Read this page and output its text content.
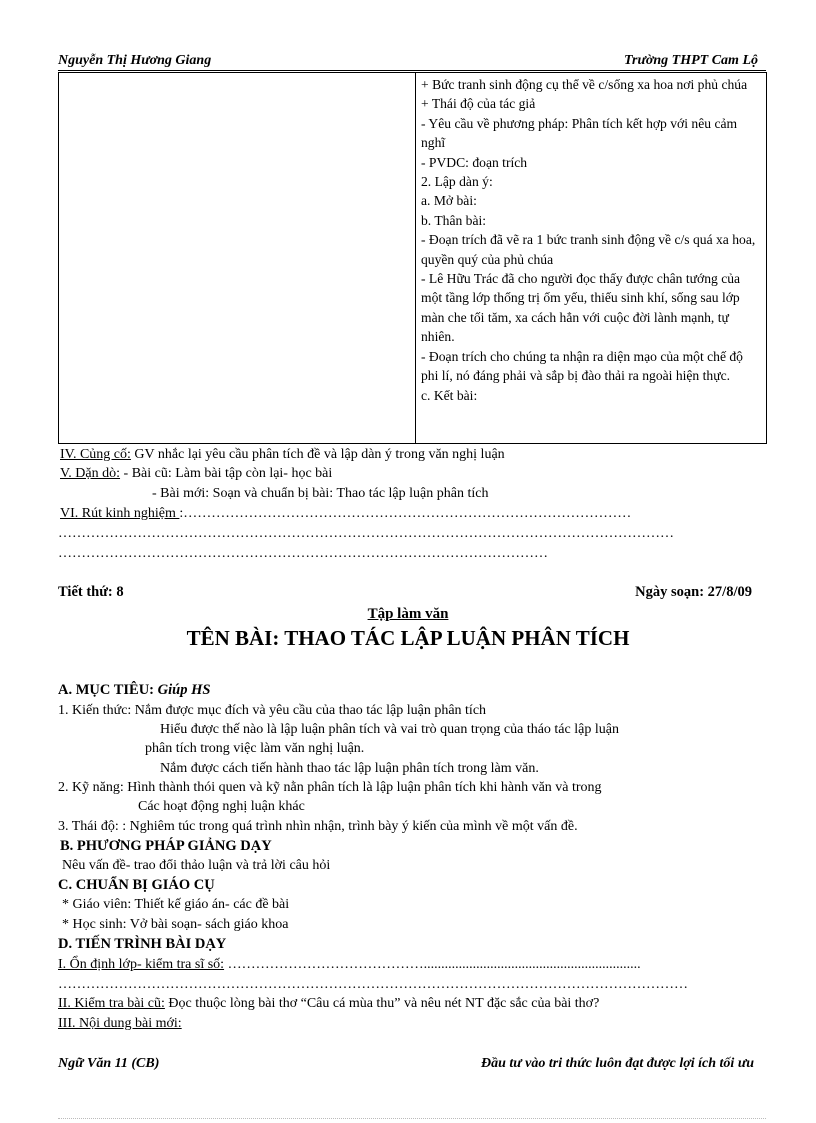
Nguyễn Thị Hương Giang	Trường THPT Cam Lộ

+ Bức tranh sinh động cụ thể về c/sống xa hoa nơi phủ chúa
+ Thái độ của tác giả
- Yêu cầu về phương pháp: Phân tích kết hợp với nêu cảm nghĩ
- PVDC: đoạn trích
2. Lập dàn ý:
a. Mở bài:
b. Thân bài:
- Đoạn trích đã vẽ ra 1 bức tranh sinh động về c/s quá xa hoa, quyền quý của phủ chúa
- Lê Hữu Trác đã cho người đọc thấy được chân tướng của một tầng lớp thống trị ốm yếu, thiếu sinh khí, sống sau lớp màn che tối tăm, xa cách hẳn với cuộc đời lành mạnh, tự nhiên.
- Đoạn trích cho chúng ta nhận ra diện mạo của một chế độ phi lí, nó đáng phải và sắp bị đào thải ra ngoài hiện thực.
c. Kết bài:
IV. Củng cố: GV nhắc lại yêu cầu phân tích đề và lập dàn ý trong văn nghị luận
V. Dặn dò: - Bài cũ: Làm bài tập còn lại- học bài
- Bài mới: Soạn và chuẩn bị bài: Thao tác lập luận phân tích
VI. Rút kinh nghiệm :……………………………………………………………………………………
……………………………………………………………………………………………………………………
……………………………………………………………………………………………
Tiết thứ: 8	Ngày soạn: 27/8/09
Tập làm văn
TÊN BÀI: THAO TÁC LẬP LUẬN PHÂN TÍCH
A. MỤC TIÊU: Giúp HS
1. Kiến thức: Nắm được mục đích và yêu cầu của thao tác lập luận phân tích
Hiểu được thế nào là lập luận phân tích và vai trò quan trọng của tháo tác lập luận
phân tích trong việc làm văn nghị luận.
Nắm được cách tiến hành thao tác lập luận phân tích trong làm văn.
2. Kỹ năng: Hình thành thói quen và kỹ nằn phân tích là lập luận phân tích khi hành văn và trong
Các hoạt động nghị luận khác
3. Thái độ: : Nghiêm túc trong quá trình nhìn nhận, trình bày ý kiến của mình về một vấn đề.
B. PHƯƠNG PHÁP GIẢNG DẠY
Nêu vấn đề- trao đổi thảo luận và trả lời câu hỏi
C. CHUẨN BỊ GIÁO CỤ
* Giáo viên: Thiết kế giáo án- các đề bài
* Học sinh: Vở bài soạn- sách giáo khoa
D. TIẾN TRÌNH BÀI DẠY
I. Ổn định lớp- kiểm tra sĩ số: ……………………………………..............................................................
………………………………………………………………………………………………………………………
II. Kiểm tra bài cũ: Đọc thuộc lòng bài thơ “Câu cá mùa thu” và nêu nét NT đặc sắc của bài thơ?
III. Nội dung bài mới:
Ngữ Văn 11 (CB)	Đầu tư vào tri thức luôn đạt được lợi ích tối ưu
